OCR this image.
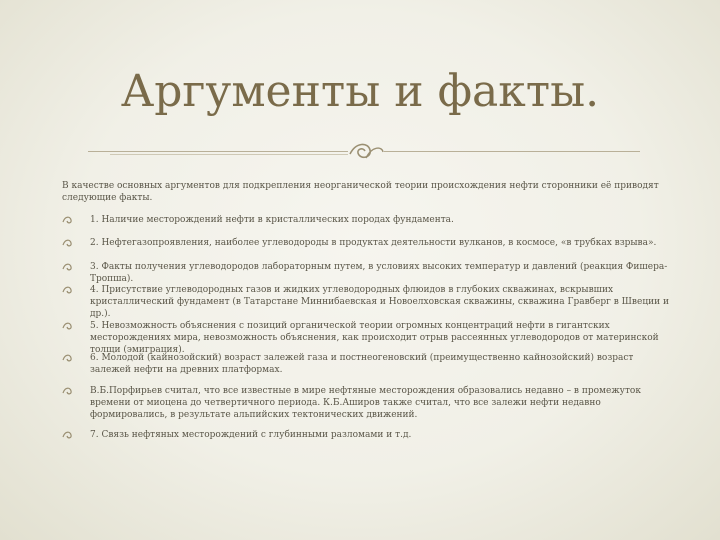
Аргументы и факты.
В качестве основных аргументов для подкрепления неорганической теории происхождения нефти сторонники её приводят следующие факты.
1. Наличие месторождений нефти в кристаллических породах фундамента.
2. Нефтегазопроявления, наиболее углеводороды в продуктах деятельности вулканов, в космосе, «в трубках взрыва».
3. Факты получения углеводородов лабораторным путем, в условиях высоких температур и давлений (реакция Фишера-Тропша).
4. Присутствие углеводородных газов и жидких углеводородных флюидов в глубоких скважинах, вскрывших кристаллический фундамент (в Татарстане Миннибаевская и Новоелховская скважины, скважина Гравберг в Швеции и др.).
5. Невозможность объяснения с позиций органической теории огромных концентраций нефти в гигантских месторождениях мира, невозможность объяснения, как происходит отрыв рассеянных углеводородов от материнской толщи (эмиграция).
6. Молодой (кайнозойский) возраст залежей газа и постнеогеновский (преимущественно кайнозойский) возраст залежей нефти на древних платформах.
В.Б.Порфирьев считал, что все известные в мире нефтяные месторождения образовались недавно – в промежуток времени от миоцена до четвертичного периода. К.Б.Аширов также считал, что все залежи нефти недавно формировались, в результате альпийских тектонических движений.
7. Связь нефтяных месторождений с глубинными разломами и т.д.
